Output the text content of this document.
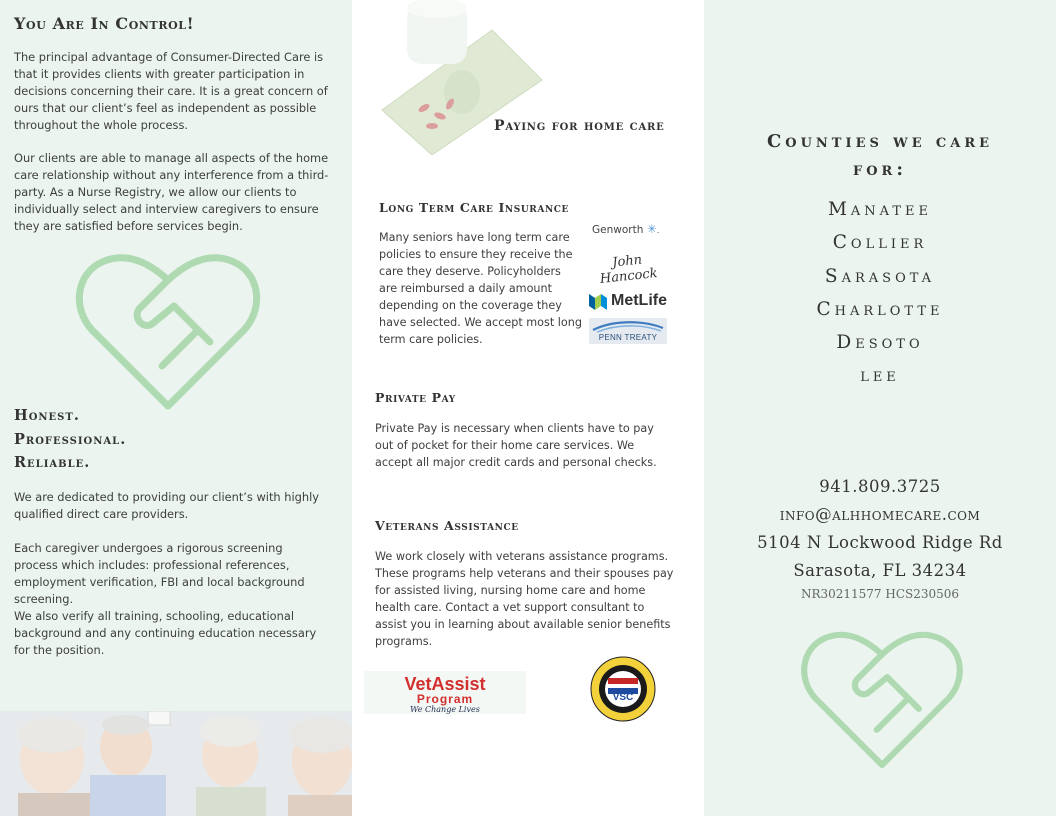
You Are In Control!
The principal advantage of Consumer-Directed Care is that it provides clients with greater participation in decisions concerning their care. It is a great concern of ours that our client’s feel as independent as possible throughout the whole process.
Our clients are able to manage all aspects of the home care relationship without any interference from a third-party. As a Nurse Registry, we allow our clients to individually select and interview caregivers to ensure they are satisfied before services begin.
Honest.
Professional.
Reliable.
We are dedicated to providing our client’s with highly qualified direct care providers.
Each caregiver undergoes a rigorous screening process which includes: professional references, employment verification, FBI and local background screening.
We also verify all training, schooling, educational background and any continuing education necessary for the position.
Paying for home care
Long Term Care Insurance
Many seniors have long term care policies to ensure they receive the care they deserve. Policyholders are reimbursed a daily amount depending on the coverage they have selected. We accept most long term care policies.
Genworth ✳.
John Hancock
MetLife
PENN TREATY
Private Pay
Private Pay is necessary when clients have to pay out of pocket for their home care services. We accept all major credit cards and personal checks.
Veterans Assistance
We work closely with veterans assistance programs. These programs help veterans and their spouses pay for assisted living, nursing home care and home health care. Contact a vet support consultant to assist you in learning about available senior benefits programs.
VetAssist
Program
We Change Lives
VSC
Counties we care for:
Manatee
Collier
Sarasota
Charlotte
Desoto
lee
941.809.3725
info@alhhomecare.com
5104 N Lockwood Ridge Rd
Sarasota, FL 34234
NR30211577 HCS230506
